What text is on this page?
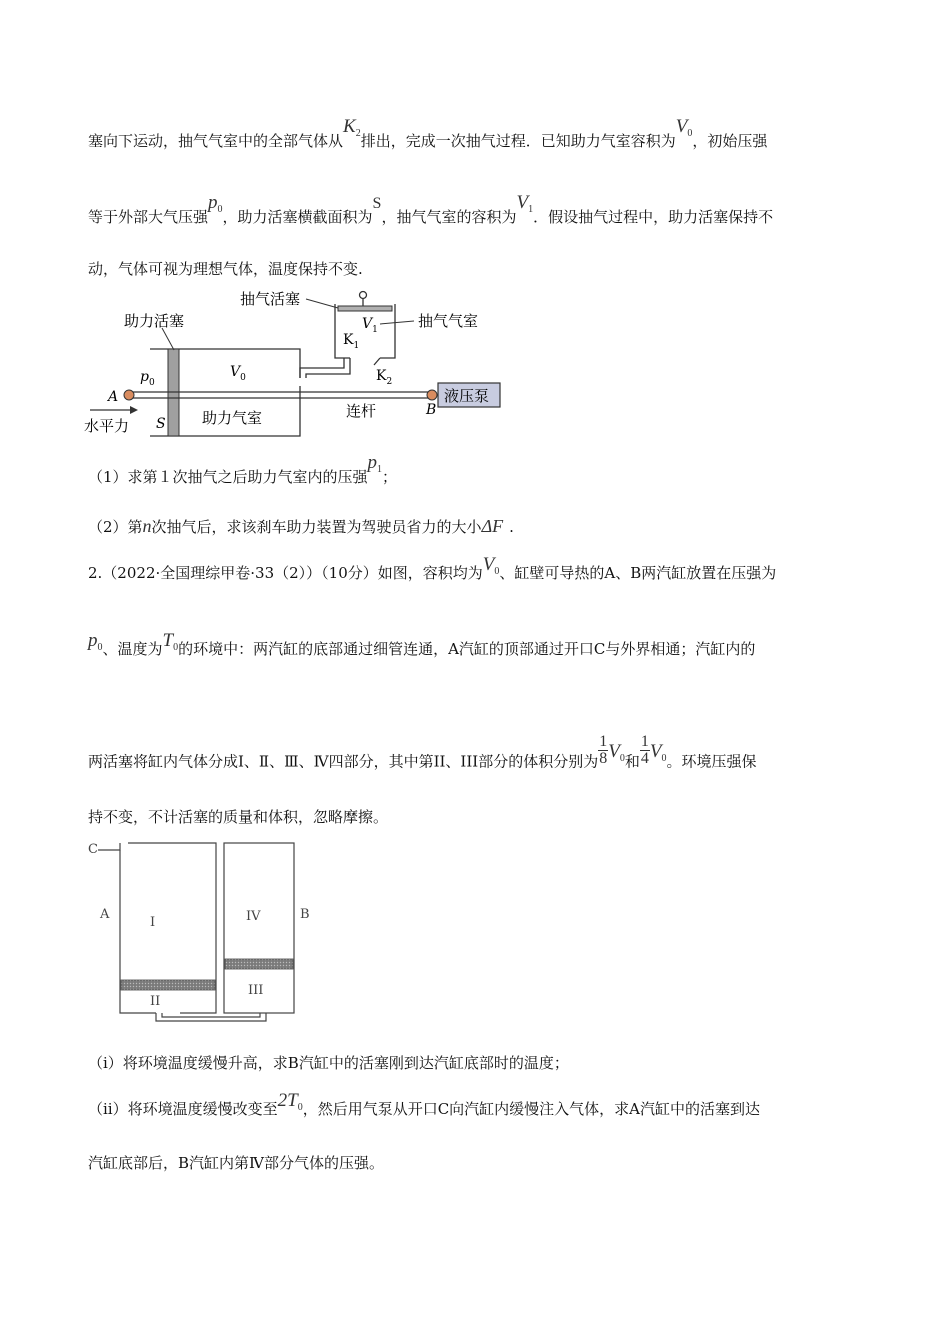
塞向下运动，抽气气室中的全部气体从$K_2$排出，完成一次抽气过程．已知助力气室容积为$V_0$，初始压强
等于外部大气压强$p_0$，助力活塞横截面积为S，抽气气室的容积为$V_1$．假设抽气过程中，助力活塞保持不
动，气体可视为理想气体，温度保持不变.
抽气活塞
助力活塞	抽气气室
$V_1$
$K_1$
$K_2$
$p_0$
$V_0$
A
B
S 助力气室	连杆
液压泵
水平力
（1）求第１次抽气之后助力气室内的压强$p_1$；
（2）第n次抽气后，求该刹车助力装置为驾驶员省力的大小ΔF .
2.（2022·全国理综甲卷·33（2））（10分）如图，容积均为$V_0$、缸壁可导热的A、B两汽缸放置在压强为
$p_0$、温度为$T_0$的环境中：两汽缸的底部通过细管连通，A汽缸的顶部通过开口C与外界相通；汽缸内的
两活塞将缸内气体分成Ⅰ、Ⅱ、Ⅲ、Ⅳ四部分，其中第II、III部分的体积分别为 $\frac{1}{8} V_0$和 $\frac{1}{4} V_0$。环境压强保
持不变，不计活塞的质量和体积，忽略摩擦。
C
A	B
I
II
IV
III
（i）将环境温度缓慢升高，求B汽缸中的活塞刚到达汽缸底部时的温度；
（ⅱ）将环境温度缓慢改变至$2T_0$，然后用气泵从开口C向汽缸内缓慢注入气体，求A汽缸中的活塞到达
汽缸底部后，B汽缸内第Ⅳ部分气体的压强。
